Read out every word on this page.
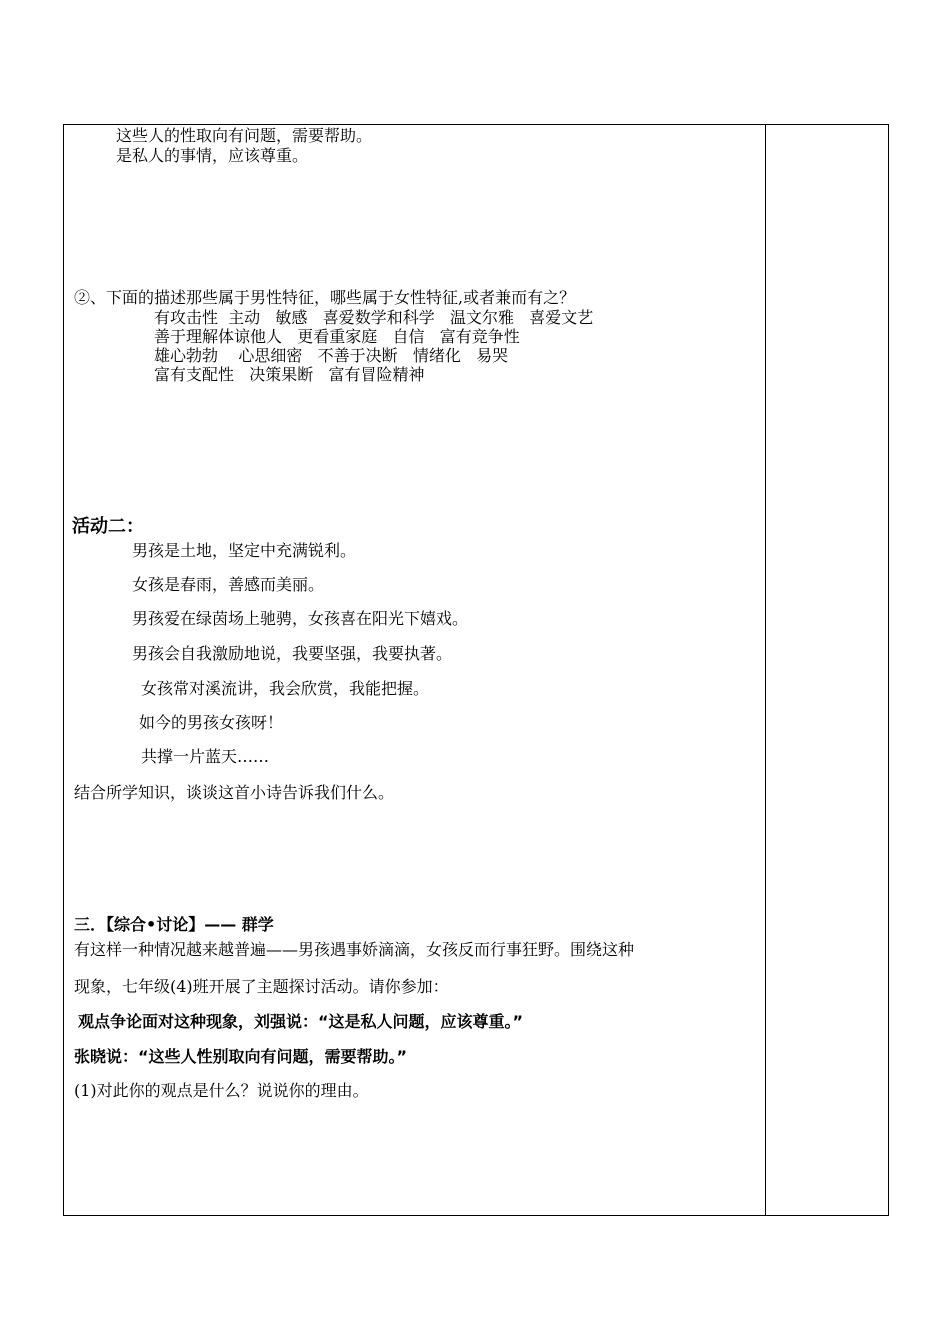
这些人的性取向有问题，需要帮助。
是私人的事情，应该尊重。
②、下面的描述那些属于男性特征，哪些属于女性特征,或者兼而有之？
有攻击性  主动   敏感   喜爱数学和科学   温文尔雅   喜爱文艺
善于理解体谅他人   更看重家庭   自信   富有竞争性
雄心勃勃    心思细密   不善于决断   情绪化   易哭
富有支配性   决策果断   富有冒险精神
活动二：
男孩是土地，坚定中充满锐利。
女孩是春雨，善感而美丽。
男孩爱在绿茵场上驰骋，女孩喜在阳光下嬉戏。
男孩会自我激励地说，我要坚强，我要执著。
女孩常对溪流讲，我会欣赏，我能把握。
如今的男孩女孩呀！
共撑一片蓝天……
结合所学知识，谈谈这首小诗告诉我们什么。
三．【综合•讨论】—— 群学
有这样一种情况越来越普遍——男孩遇事娇滴滴，女孩反而行事狂野。围绕这种
现象，七年级(4)班开展了主题探讨活动。请你参加：
观点争论面对这种现象，刘强说：“这是私人问题，应该尊重。”
张晓说：“这些人性别取向有问题，需要帮助。”
(1)对此你的观点是什么？说说你的理由。
